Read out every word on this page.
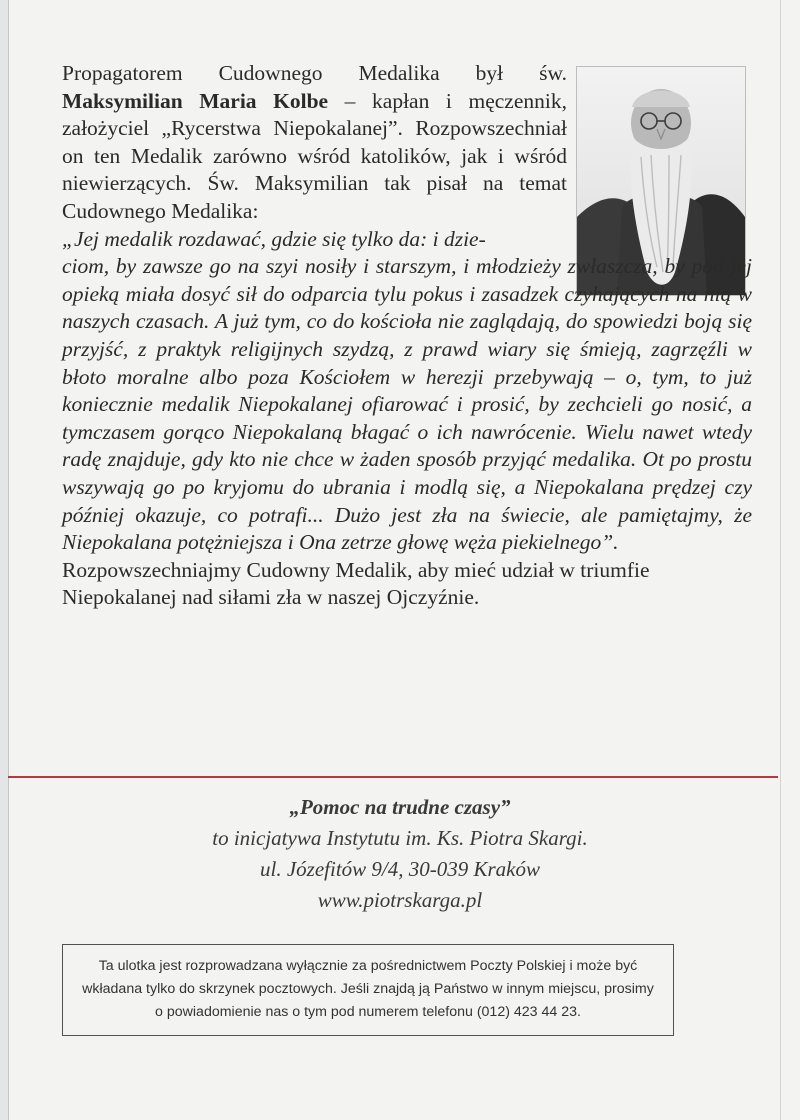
Propagatorem Cudownego Medalika był św. Maksymilian Maria Kolbe – kapłan i męczennik, założyciel „Rycerstwa Niepokalanej”. Rozpowszechniał on ten Medalik zarówno wśród katolików, jak i wśród niewierzących. Św. Maksymilian tak pisał na temat Cudownego Medalika:

„Jej medalik rozdawać, gdzie się tylko da: i dzie-
ciom, by zawsze go na szyi nosiły i starszym, i młodzieży zwłaszcza, by pod jej opieką miała dosyć sił do odparcia tylu pokus i zasadzek czyhających na nią w naszych czasach. A już tym, co do kościoła nie zaglądają, do spowiedzi boją się przyjść, z praktyk religijnych szydzą, z prawd wiary się śmieją, zagrzęźli w błoto moralne albo poza Kościołem w herezji przebywają – o, tym, to już koniecznie medalik Niepokalanej ofiarować i prosić, by zechcieli go nosić, a tymczasem gorąco Niepokalaną błagać o ich nawrócenie. Wielu nawet wtedy radę znajduje, gdy kto nie chce w żaden sposób przyjąć medalika. Ot po prostu wszywają go po kryjomu do ubrania i modlą się, a Niepokalana prędzej czy później okazuje, co potrafi... Dużo jest zła na świecie, ale pamiętajmy, że Niepokalana potężniejsza i Ona zetrze głowę węża piekielnego”.

Rozpowszechniajmy Cudowny Medalik, aby mieć udział w triumfie Niepokalanej nad siłami zła w naszej Ojczyźnie.

„Pomoc na trudne czasy”
to inicjatywa Instytutu im. Ks. Piotra Skargi.
ul. Józefitów 9/4, 30-039 Kraków
www.piotrskarga.pl
Ta ulotka jest rozprowadzana wyłącznie za pośrednictwem Poczty Polskiej i może być
wkładana tylko do skrzynek pocztowych. Jeśli znajdą ją Państwo w innym miejscu, prosimy
o powiadomienie nas o tym pod numerem telefonu (012) 423 44 23.
